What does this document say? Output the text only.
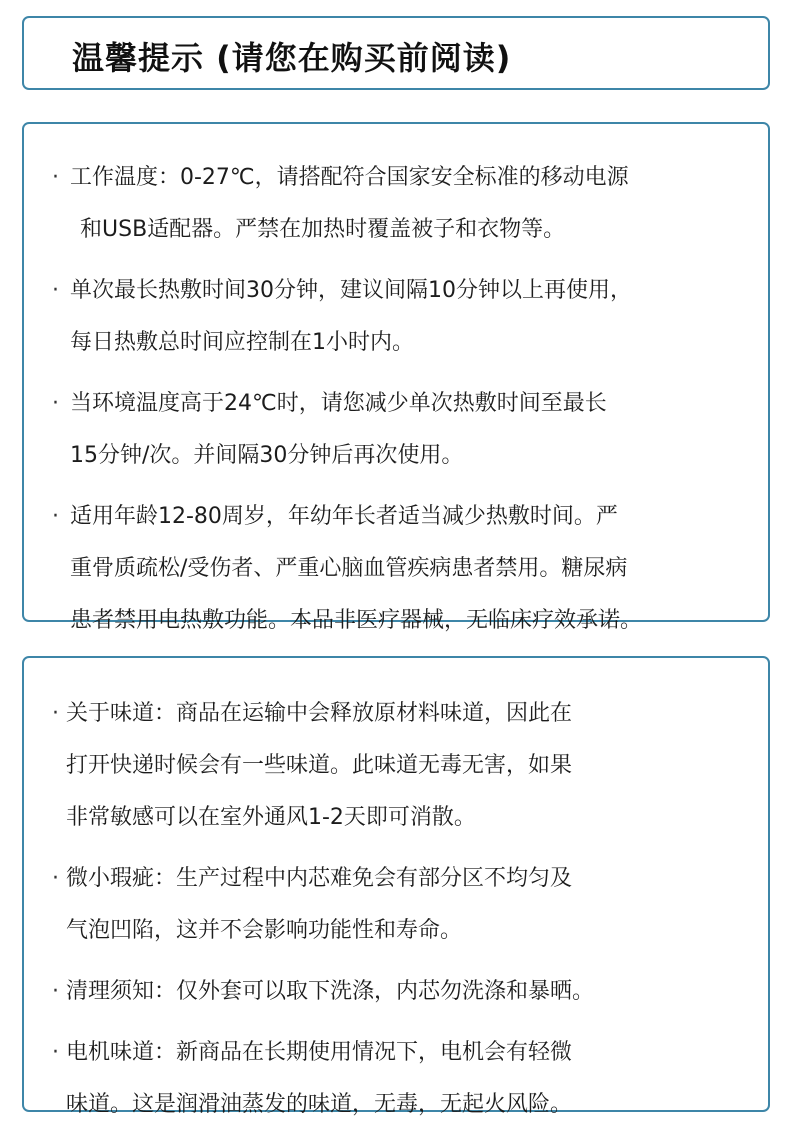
温馨提示 (请您在购买前阅读)
· 工作温度：0-27℃，请搭配符合国家安全标准的移动电源
和USB适配器。严禁在加热时覆盖被子和衣物等。
· 单次最长热敷时间30分钟，建议间隔10分钟以上再使用，
每日热敷总时间应控制在1小时内。
· 当环境温度高于24℃时，请您减少单次热敷时间至最长
15分钟/次。并间隔30分钟后再次使用。
· 适用年龄12-80周岁，年幼年长者适当减少热敷时间。严
重骨质疏松/受伤者、严重心脑血管疾病患者禁用。糖尿病
患者禁用电热敷功能。本品非医疗器械，无临床疗效承诺。
· 关于味道：商品在运输中会释放原材料味道，因此在
打开快递时候会有一些味道。此味道无毒无害，如果
非常敏感可以在室外通风1-2天即可消散。
· 微小瑕疵：生产过程中内芯难免会有部分区不均匀及
气泡凹陷，这并不会影响功能性和寿命。
· 清理须知：仅外套可以取下洗涤，内芯勿洗涤和暴晒。
· 电机味道：新商品在长期使用情况下，电机会有轻微
味道。这是润滑油蒸发的味道，无毒，无起火风险。
